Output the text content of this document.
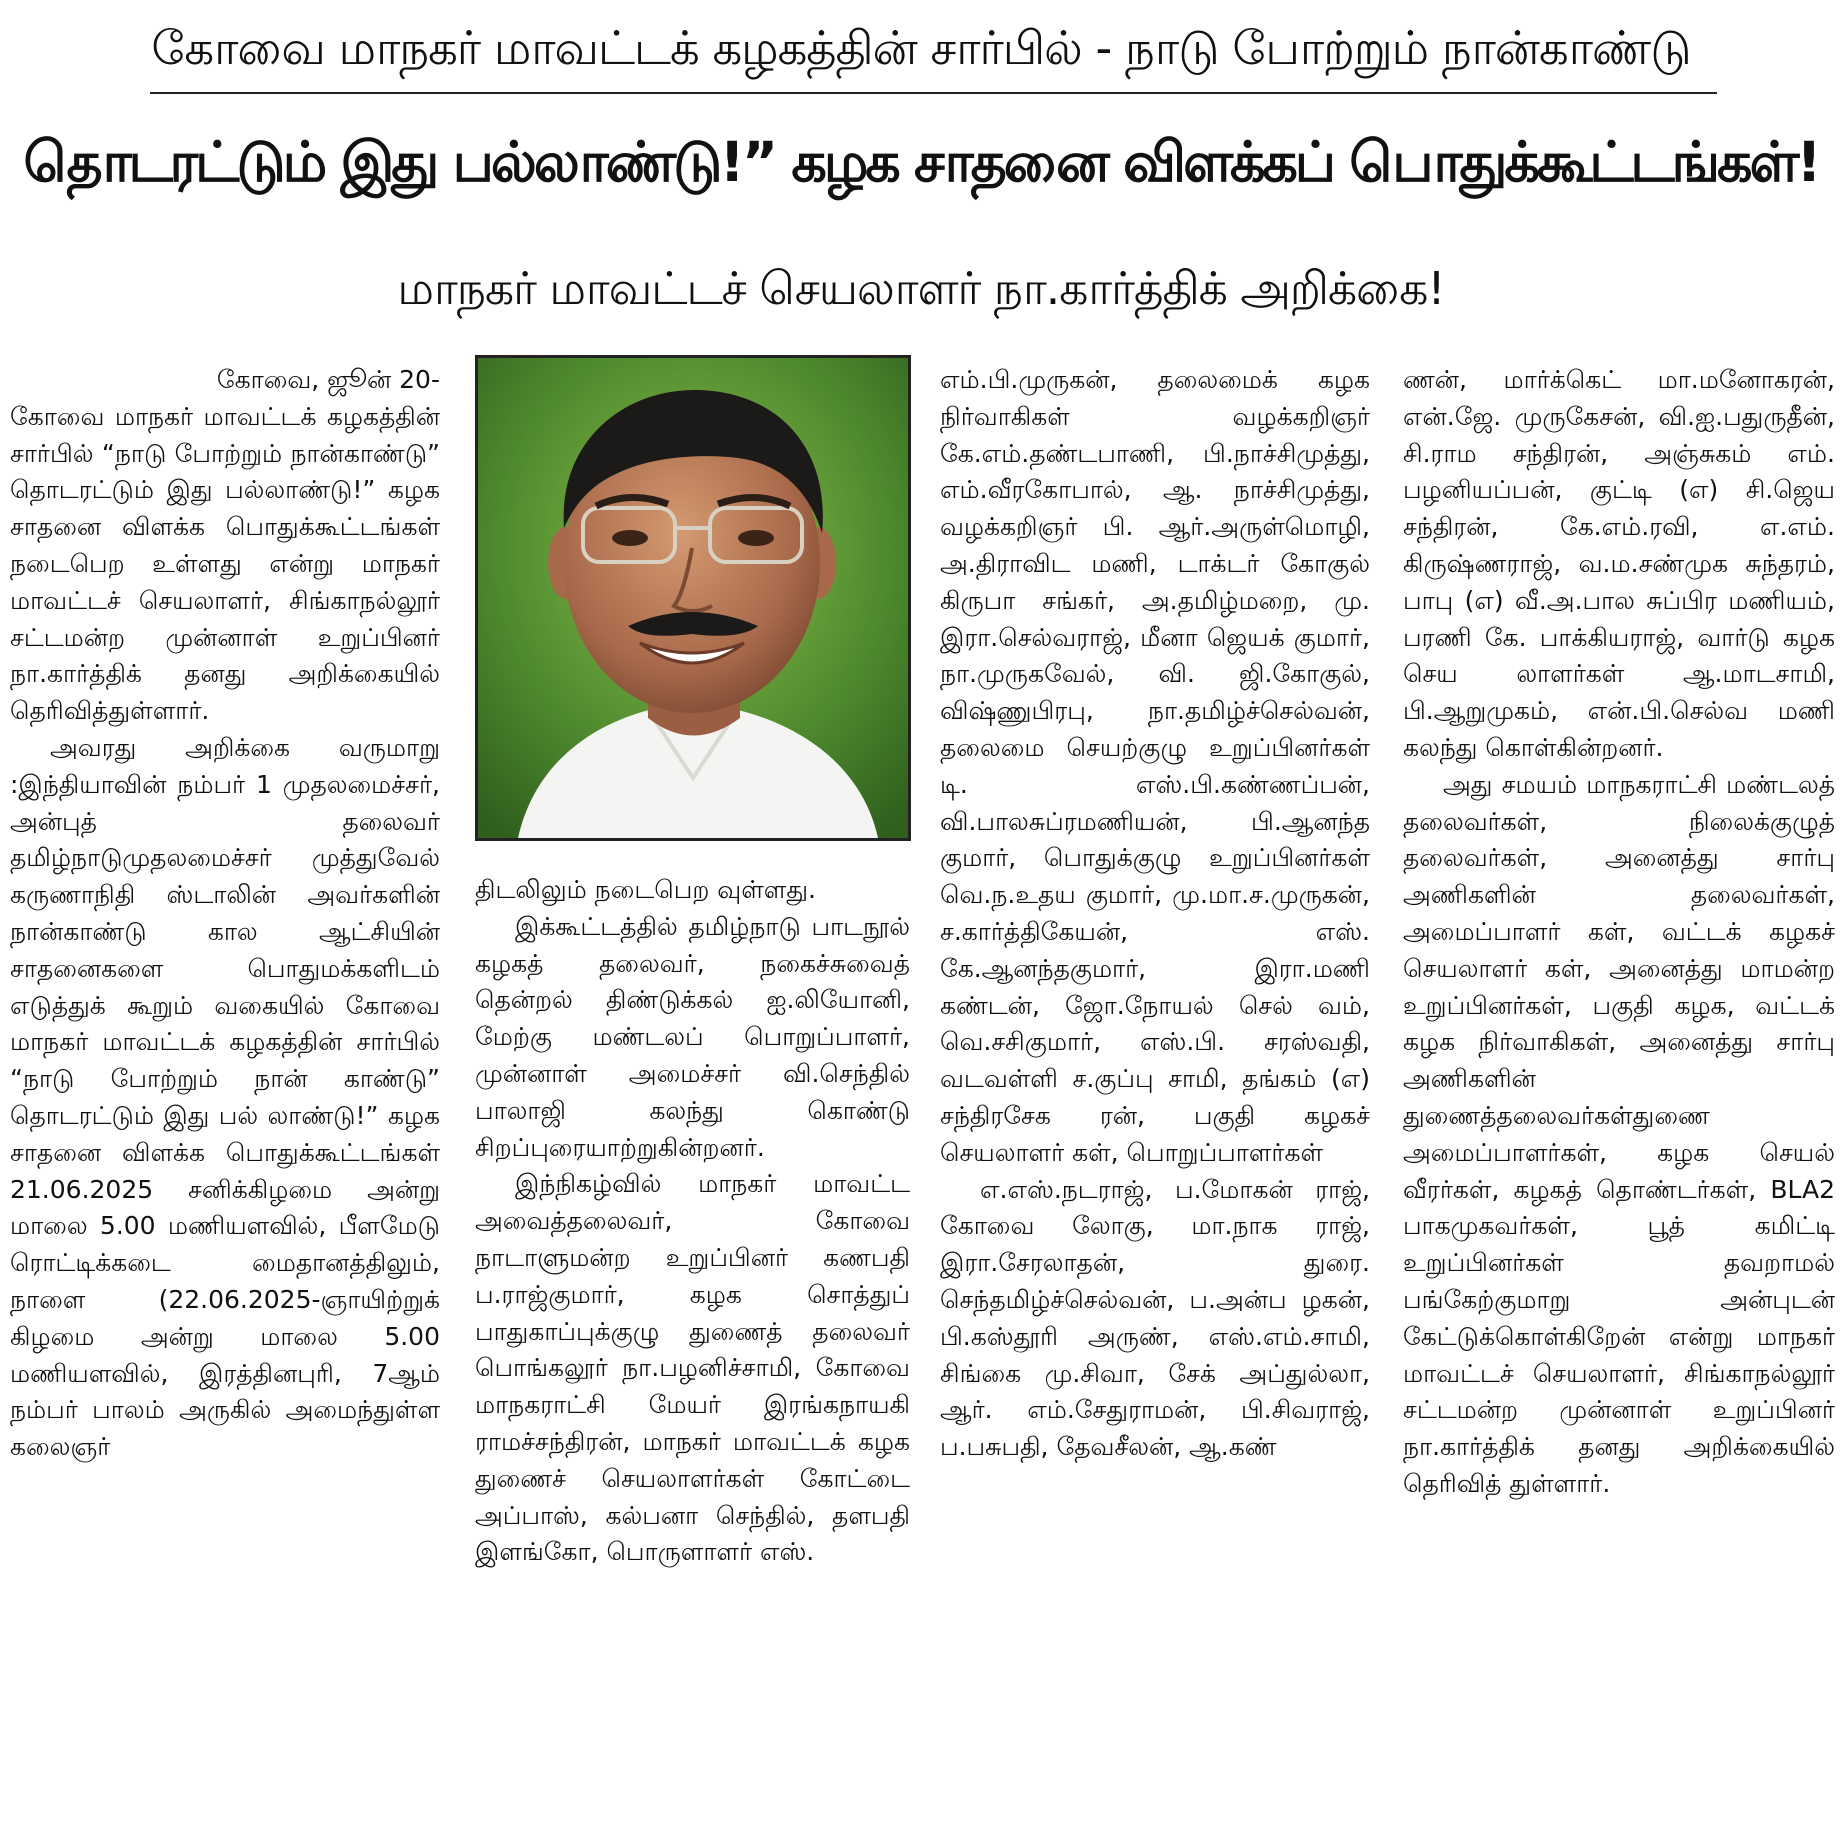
கோவை மாநகர் மாவட்டக் கழகத்தின் சார்பில் - நாடு போற்றும் நான்காண்டு
தொடரட்டும் இது பல்லாண்டு!” கழக சாதனை விளக்கப் பொதுக்கூட்டங்கள்!
மாநகர் மாவட்டச் செயலாளர் நா.கார்த்திக் அறிக்கை!

கோவை, ஜூன் 20-

கோவை மாநகர் மாவட்டக் கழகத்தின் சார்பில் “நாடு போற்றும் நான்காண்டு” தொடரட்டும் இது பல்லாண்டு!” கழக சாதனை விளக்க பொதுக்கூட்டங்கள் நடைபெற உள்ளது என்று மாநகர் மாவட்டச் செயலாளர், சிங்காநல்லூர் சட்டமன்ற முன்னாள் உறுப்பினர் நா.கார்த்திக் தனது அறிக்கையில் தெரிவித்துள்ளார்.

அவரது அறிக்கை வருமாறு :இந்தியாவின் நம்பர் 1 முதலமைச்சர், அன்புத் தலைவர் தமிழ்நாடுமுதலமைச்சர் முத்துவேல் கருணாநிதி ஸ்டாலின் அவர்களின் நான்காண்டு கால ஆட்சியின் சாதனைகளை பொதுமக்களிடம் எடுத்துக் கூறும் வகையில் கோவை மாநகர் மாவட்டக் கழகத்தின் சார்பில் “நாடு போற்றும் நான் காண்டு” தொடரட்டும் இது பல் லாண்டு!” கழக சாதனை விளக்க பொதுக்கூட்டங்கள் 21.06.2025 சனிக்கிழமை அன்று மாலை 5.00 மணியளவில், பீளமேடு ரொட்டிக்கடை மைதானத்திலும், நாளை (22.06.2025-ஞாயிற்றுக் கிழமை அன்று மாலை 5.00 மணியளவில், இரத்தினபுரி, 7ஆம் நம்பர் பாலம் அருகில் அமைந்துள்ள கலைஞர்

திடலிலும் நடைபெற வுள்ளது.

இக்கூட்டத்தில் தமிழ்நாடு பாடநூல் கழகத் தலைவர், நகைச்சுவைத் தென்றல் திண்டுக்கல் ஐ.லியோனி, மேற்கு மண்டலப் பொறுப்பாளர், முன்னாள் அமைச்சர் வி.செந்தில் பாலாஜி கலந்து கொண்டு சிறப்புரையாற்றுகின்றனர்.

இந்நிகழ்வில் மாநகர் மாவட்ட அவைத்தலைவர், கோவை நாடாளுமன்ற உறுப்பினர் கணபதி ப.ராஜ்குமார், கழக சொத்துப் பாதுகாப்புக்குழு துணைத் தலைவர் பொங்கலூர் நா.பழனிச்சாமி, கோவை மாநகராட்சி மேயர் இரங்கநாயகி ராமச்சந்திரன், மாநகர் மாவட்டக் கழக துணைச் செயலாளர்கள் கோட்டை அப்பாஸ், கல்பனா செந்தில், தளபதி இளங்கோ, பொருளாளர் எஸ்.

எம்.பி.முருகன், தலைமைக் கழக நிர்வாகிகள் வழக்கறிஞர் கே.எம்.தண்டபாணி, பி.நாச்சிமுத்து, எம்.வீரகோபால், ஆ. நாச்சிமுத்து, வழக்கறிஞர் பி. ஆர்.அருள்மொழி, அ.திராவிட மணி, டாக்டர் கோகுல் கிருபா சங்கர், அ.தமிழ்மறை, மு. இரா.செல்வராஜ், மீனா ஜெயக் குமார், நா.முருகவேல், வி. ஜி.கோகுல், விஷ்ணுபிரபு, நா.தமிழ்ச்செல்வன், தலைமை செயற்குழு உறுப்பினர்கள் டி. எஸ்.பி.கண்ணப்பன், வி.பாலசுப்ரமணியன், பி.ஆனந்த குமார், பொதுக்குழு உறுப்பினர்கள் வெ.ந.உதய குமார், மு.மா.ச.முருகன், ச.கார்த்திகேயன், எஸ். கே.ஆனந்தகுமார், இரா.மணி கண்டன், ஜோ.நோயல் செல் வம், வெ.சசிகுமார், எஸ்.பி. சரஸ்வதி, வடவள்ளி ச.குப்பு சாமி, தங்கம் (எ) சந்திரசேக ரன், பகுதி கழகச் செயலாளர் கள், பொறுப்பாளர்கள்

எ.எஸ்.நடராஜ், ப.மோகன் ராஜ், கோவை லோகு, மா.நாக ராஜ், இரா.சேரலாதன், துரை. செந்தமிழ்ச்செல்வன், ப.அன்ப ழகன், பி.கஸ்தூரி அருண், எஸ்.எம்.சாமி, சிங்கை மு.சிவா, சேக் அப்துல்லா, ஆர். எம்.சேதுராமன், பி.சிவராஜ், ப.பசுபதி, தேவசீலன், ஆ.கண்

ணன், மார்க்கெட் மா.மனோகரன், என்.ஜே. முருகேசன், வி.ஐ.பதுருதீன், சி.ராம சந்திரன், அஞ்சுகம் எம். பழனியப்பன், குட்டி (எ) சி.ஜெய சந்திரன், கே.எம்.ரவி, எ.எம். கிருஷ்ணராஜ், வ.ம.சண்முக சுந்தரம், பாபு (எ) வீ.அ.பால சுப்பிர மணியம், பரணி கே. பாக்கியராஜ், வார்டு கழக செய லாளர்கள் ஆ.மாடசாமி, பி.ஆறுமுகம், என்.பி.செல்வ மணி கலந்து கொள்கின்றனர்.

அது சமயம் மாநகராட்சி மண்டலத் தலைவர்கள், நிலைக்குழுத் தலைவர்கள், அனைத்து சார்பு அணிகளின் தலைவர்கள், அமைப்பாளர் கள், வட்டக் கழகச் செயலாளர் கள், அனைத்து மாமன்ற உறுப்பினர்கள், பகுதி கழக, வட்டக் கழக நிர்வாகிகள், அனைத்து சார்பு அணிகளின் துணைத்தலைவர்கள்துணை அமைப்பாளர்கள், கழக செயல் வீரர்கள், கழகத் தொண்டர்கள், BLA2 பாகமுகவர்கள், பூத் கமிட்டி உறுப்பினர்கள் தவறாமல் பங்கேற்குமாறு அன்புடன் கேட்டுக்கொள்கிறேன் என்று மாநகர் மாவட்டச் செயலாளர், சிங்காநல்லூர் சட்டமன்ற முன்னாள் உறுப்பினர் நா.கார்த்திக் தனது அறிக்கையில் தெரிவித் துள்ளார்.
